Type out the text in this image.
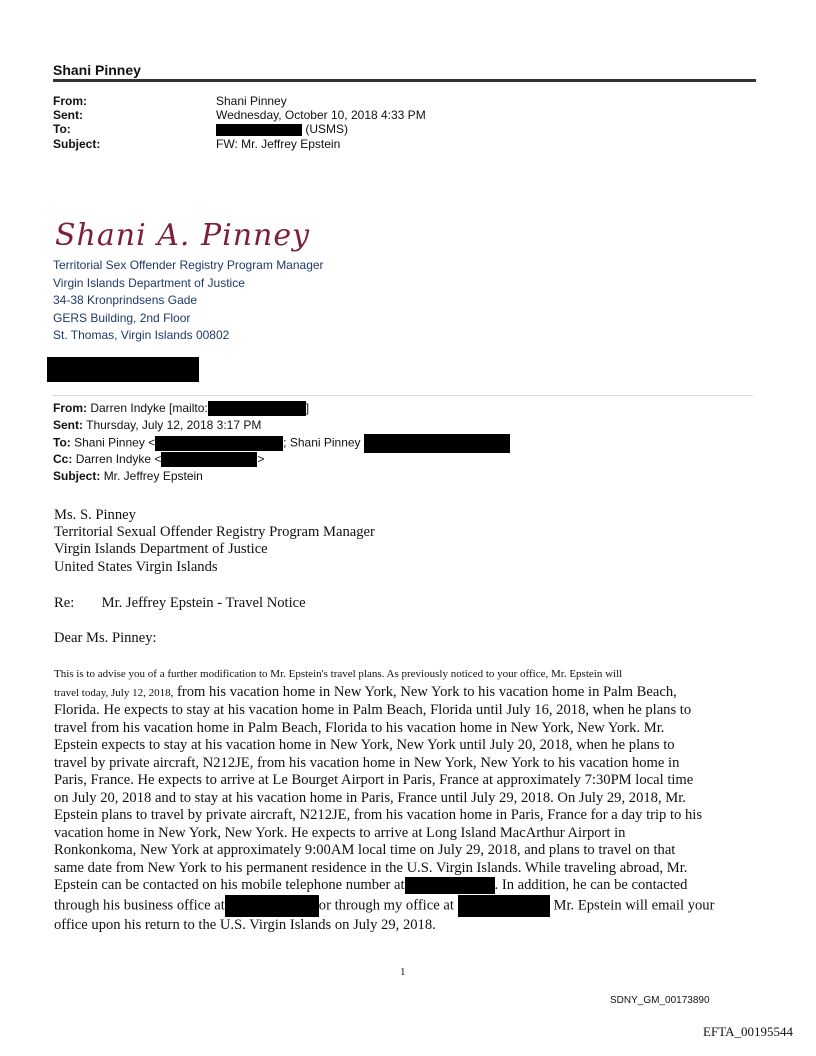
Shani Pinney
From:	Shani Pinney
Sent:	Wednesday, October 10, 2018 4:33 PM
To:	(USMS)
Subject:	FW: Mr. Jeffrey Epstein
Shani A. Pinney
Territorial Sex Offender Registry Program Manager
Virgin Islands Department of Justice
34-38 Kronprindsens Gade
GERS Building, 2nd Floor
St. Thomas, Virgin Islands 00802
From: Darren Indyke [mailto:	]
Sent: Thursday, July 12, 2018 3:17 PM
To: Shani Pinney <	; Shani Pinney
Cc: Darren Indyke <	>
Subject: Mr. Jeffrey Epstein
Ms. S. Pinney
Territorial Sexual Offender Registry Program Manager
Virgin Islands Department of Justice
United States Virgin Islands
Re: Mr. Jeffrey Epstein - Travel Notice
Dear Ms. Pinney:
This is to advise you of a further modification to Mr. Epstein's travel plans. As previously noticed to your office, Mr. Epstein will
travel today, July 12, 2018, from his vacation home in New York, New York to his vacation home in Palm Beach,
Florida. He expects to stay at his vacation home in Palm Beach, Florida until July 16, 2018, when he plans to
travel from his vacation home in Palm Beach, Florida to his vacation home in New York, New York. Mr.
Epstein expects to stay at his vacation home in New York, New York until July 20, 2018, when he plans to
travel by private aircraft, N212JE, from his vacation home in New York, New York to his vacation home in
Paris, France. He expects to arrive at Le Bourget Airport in Paris, France at approximately 7:30PM local time
on July 20, 2018 and to stay at his vacation home in Paris, France until July 29, 2018. On July 29, 2018, Mr.
Epstein plans to travel by private aircraft, N212JE, from his vacation home in Paris, France for a day trip to his
vacation home in New York, New York. He expects to arrive at Long Island MacArthur Airport in
Ronkonkoma, New York at approximately 9:00AM local time on July 29, 2018, and plans to travel on that
same date from New York to his permanent residence in the U.S. Virgin Islands. While traveling abroad, Mr.
Epstein can be contacted on his mobile telephone number at	. In addition, he can be contacted
through his business office at	or through my office at	Mr. Epstein will email your
office upon his return to the U.S. Virgin Islands on July 29, 2018.
1
SDNY_GM_00173890
EFTA_00195544
